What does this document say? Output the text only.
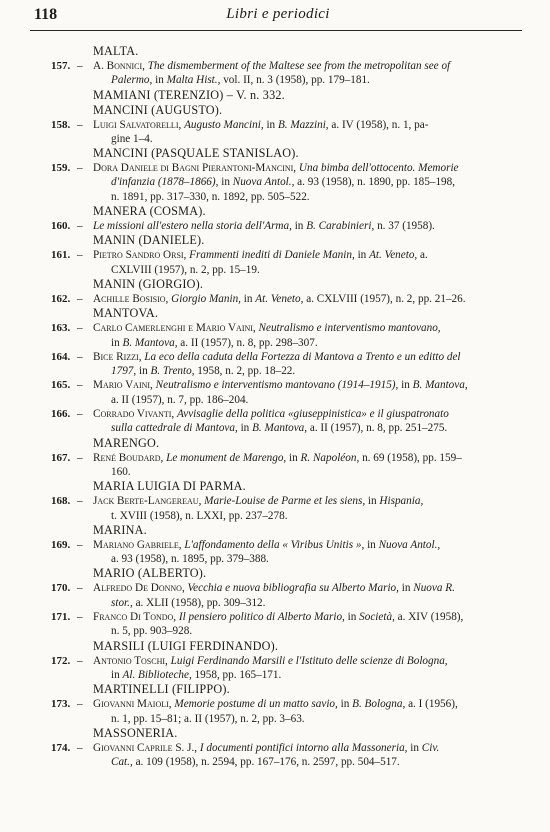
118	Libri e periodici
MALTA.
157. – A. Bonnici, The dismemberment of the Maltese see from the metropolitan see of
Palermo, in Malta Hist., vol. II, n. 3 (1958), pp. 179–181.
MAMIANI (TERENZIO) – V. n. 332.
MANCINI (AUGUSTO).
158. – Luigi Salvatorelli, Augusto Mancini, in B. Mazzini, a. IV (1958), n. 1, pa-
gine 1–4.
MANCINI (PASQUALE STANISLAO).
159. – Dora Daniele di Bagni Pierantoni-Mancini, Una bimba dell'ottocento. Memorie
d'infanzia (1878–1866), in Nuova Antol., a. 93 (1958), n. 1890, pp. 185–198,
n. 1891, pp. 317–330, n. 1892, pp. 505–522.
MANERA (COSMA).
160. – Le missioni all'estero nella storia dell'Arma, in B. Carabinieri, n. 37 (1958).
MANIN (DANIELE).
161. – Pietro Sandro Orsi, Frammenti inediti di Daniele Manin, in At. Veneto, a.
CXLVIII (1957), n. 2, pp. 15–19.
MANIN (GIORGIO).
162. – Achille Bosisio, Giorgio Manin, in At. Veneto, a. CXLVIII (1957), n. 2, pp. 21–26.
MANTOVA.
163. – Carlo Camerlenghi e Mario Vaini, Neutralismo e interventismo mantovano,
in B. Mantova, a. II (1957), n. 8, pp. 298–307.
164. – Bice Rizzi, La eco della caduta della Fortezza di Mantova a Trento e un editto del
1797, in B. Trento, 1958, n. 2, pp. 18–22.
165. – Mario Vaini, Neutralismo e interventismo mantovano (1914–1915), in B. Mantova,
a. II (1957), n. 7, pp. 186–204.
166. – Corrado Vivanti, Avvisaglie della politica «giuseppinistica» e il giuspatronato
sulla cattedrale di Mantova, in B. Mantova, a. II (1957), n. 8, pp. 251–275.
MARENGO.
167. – René Boudard, Le monument de Marengo, in R. Napoléon, n. 69 (1958), pp. 159–
160.
MARIA LUIGIA DI PARMA.
168. – Jack Berte-Langereau, Marie-Louise de Parme et les siens, in Hispania,
t. XVIII (1958), n. LXXI, pp. 237–278.
MARINA.
169. – Mariano Gabriele, L'affondamento della « Viribus Unitis », in Nuova Antol.,
a. 93 (1958), n. 1895, pp. 379–388.
MARIO (ALBERTO).
170. – Alfredo De Donno, Vecchia e nuova bibliografia su Alberto Mario, in Nuova R.
stor., a. XLII (1958), pp. 309–312.
171. – Franco Di Tondo, Il pensiero politico di Alberto Mario, in Società, a. XIV (1958),
n. 5, pp. 903–928.
MARSILI (LUIGI FERDINANDO).
172. – Antonio Toschi, Luigi Ferdinando Marsili e l'Istituto delle scienze di Bologna,
in Al. Biblioteche, 1958, pp. 165–171.
MARTINELLI (FILIPPO).
173. – Giovanni Maioli, Memorie postume di un matto savio, in B. Bologna, a. I (1956),
n. 1, pp. 15–81; a. II (1957), n. 2, pp. 3–63.
MASSONERIA.
174. – Giovanni Caprile S. J., I documenti pontifici intorno alla Massoneria, in Civ.
Cat., a. 109 (1958), n. 2594, pp. 167–176, n. 2597, pp. 504–517.
